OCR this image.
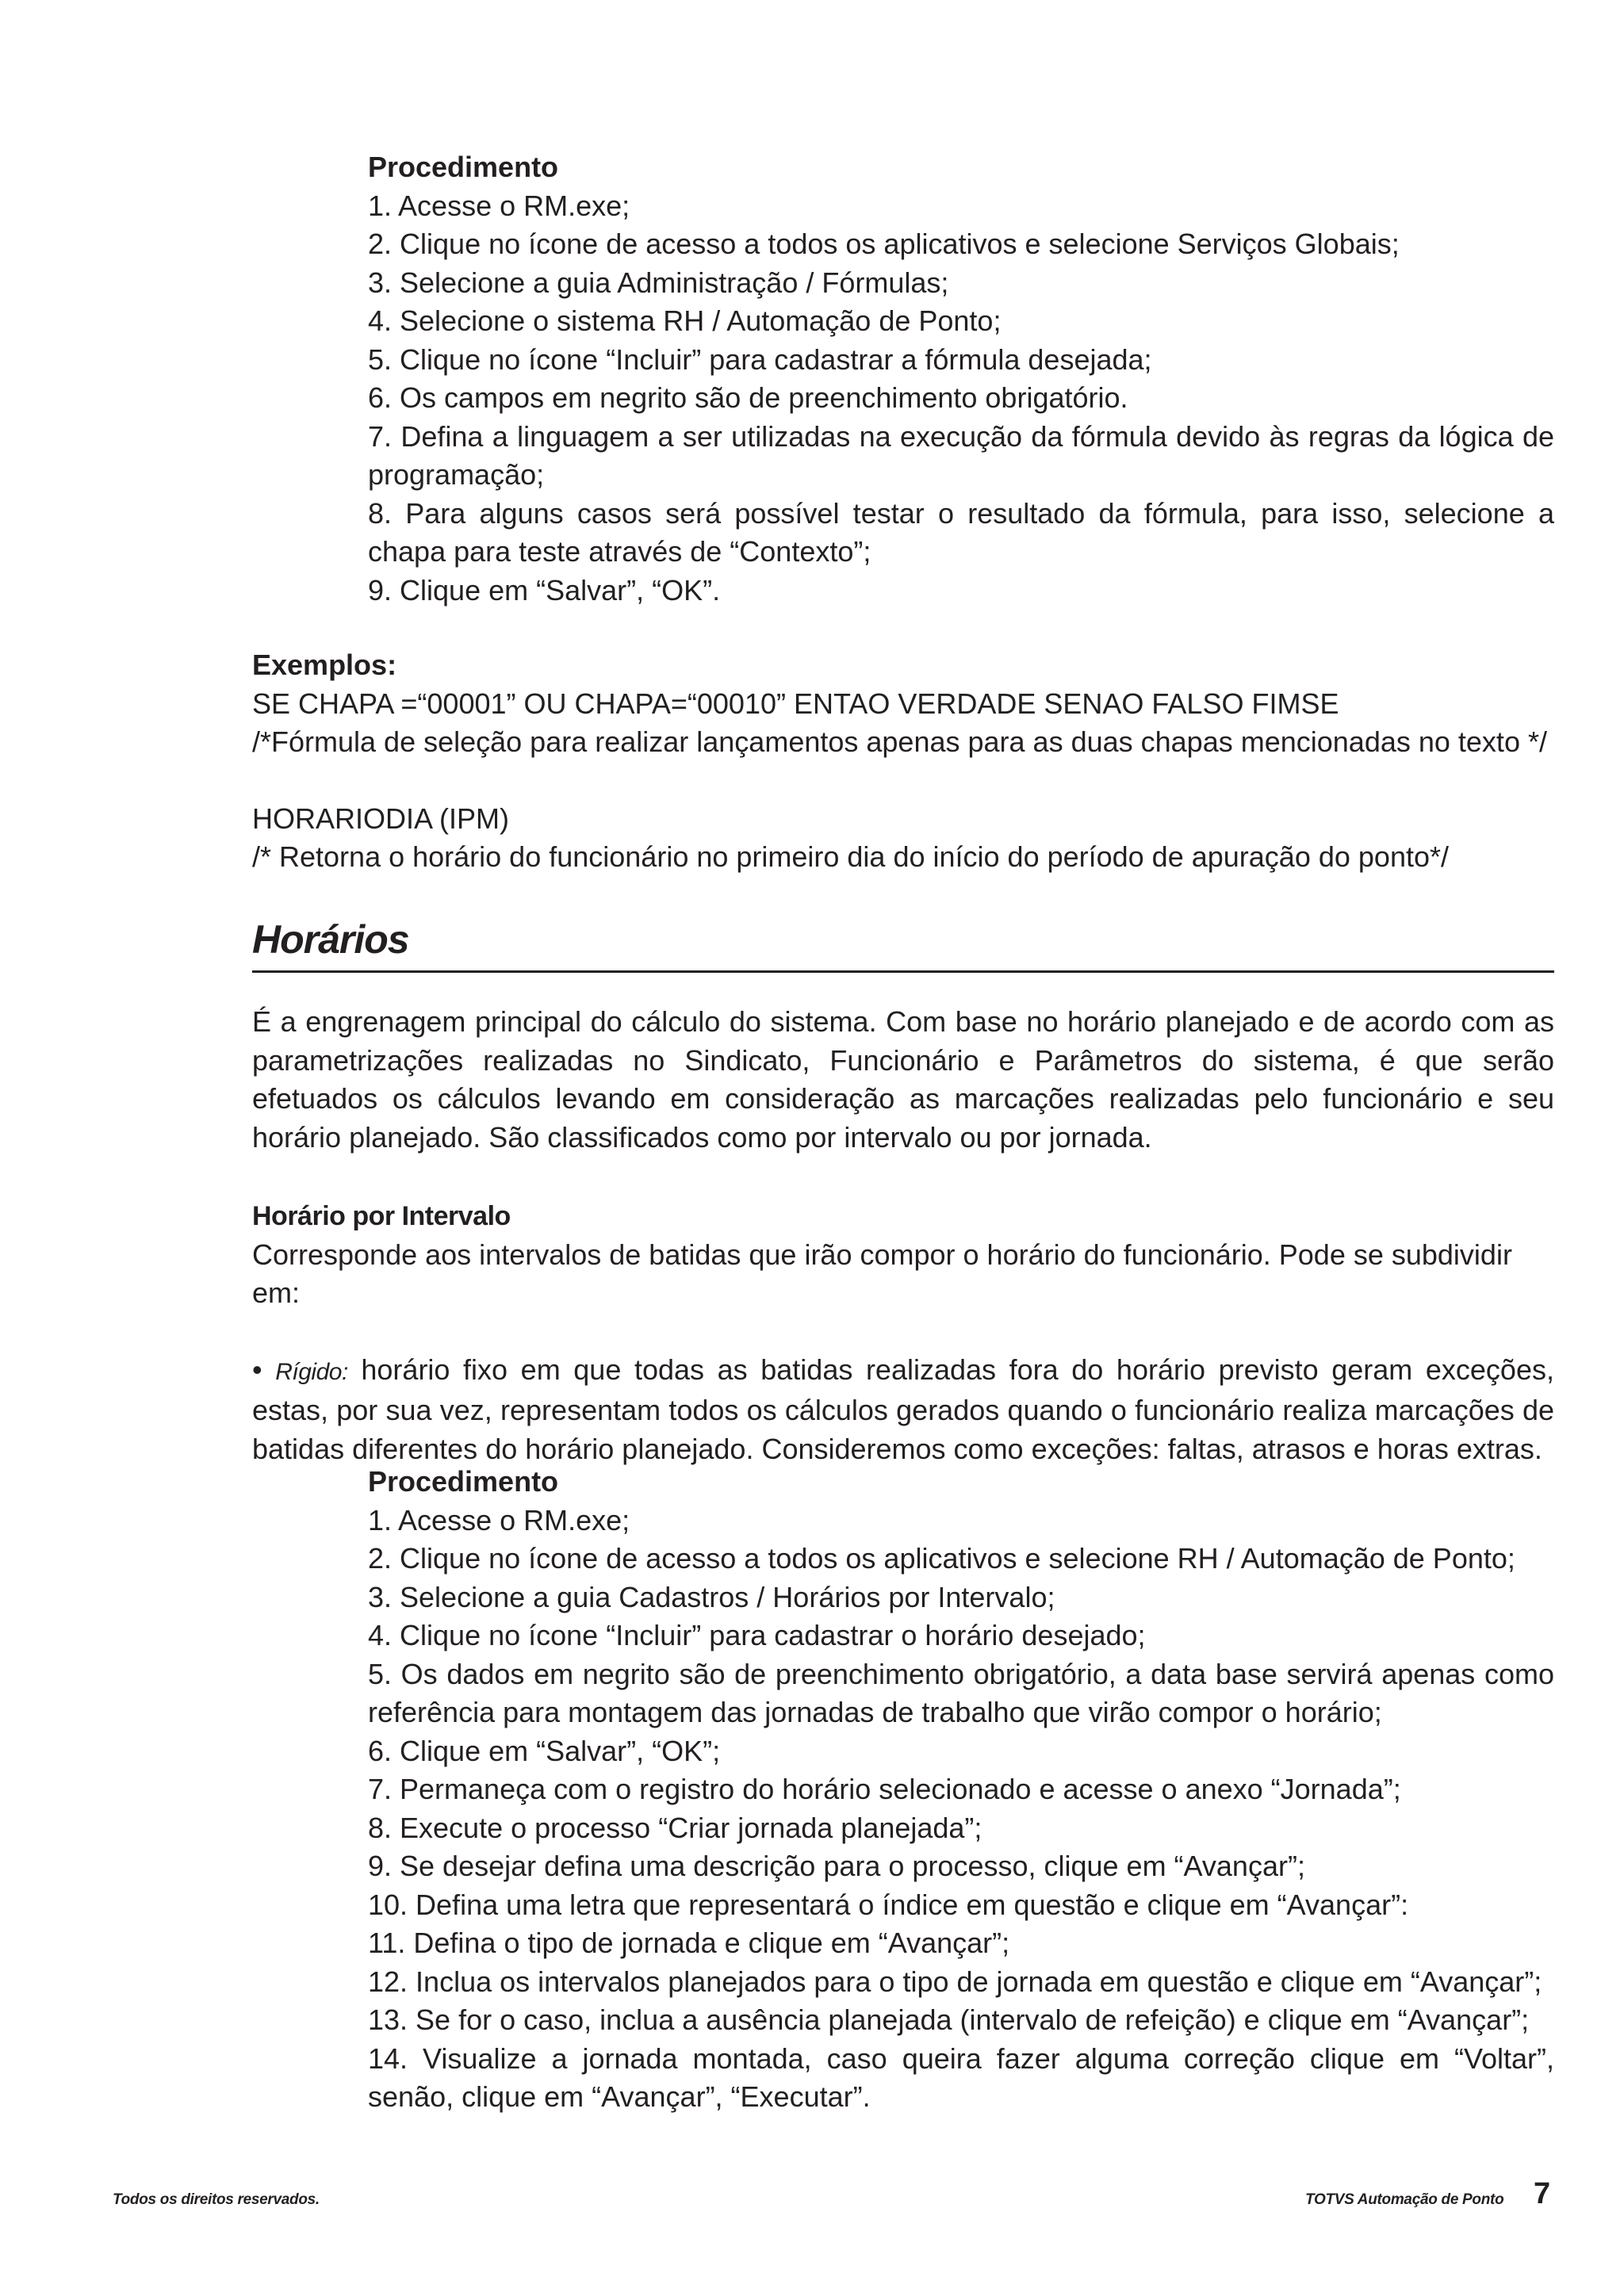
Procedimento
1. Acesse o RM.exe;
2. Clique no ícone de acesso a todos os aplicativos e selecione Serviços Globais;
3. Selecione a guia Administração / Fórmulas;
4. Selecione o sistema RH / Automação de Ponto;
5. Clique no ícone “Incluir” para cadastrar a fórmula desejada;
6. Os campos em negrito são de preenchimento obrigatório.
7. Defina a linguagem a ser utilizadas na execução da fórmula devido às regras da lógica de programação;
8. Para alguns casos será possível testar o resultado da fórmula, para isso, selecione a chapa para teste através de “Contexto”;
9. Clique em “Salvar”, “OK”.
Exemplos:
SE CHAPA =“00001” OU CHAPA=“00010” ENTAO VERDADE SENAO FALSO FIMSE
/*Fórmula de seleção para realizar lançamentos apenas para as duas chapas mencionadas no texto */
HORARIODIA (IPM)
/* Retorna o horário do funcionário no primeiro dia do início do período de apuração do ponto*/
Horários

É a engrenagem principal do cálculo do sistema. Com base no horário planejado e de acordo com as parametrizações realizadas no Sindicato, Funcionário e Parâmetros do sistema, é que serão efetuados os cálculos levando em consideração as marcações realizadas pelo funcionário e seu horário planejado. São classificados como por intervalo ou por jornada.

Horário por Intervalo
Corresponde aos intervalos de batidas que irão compor o horário do funcionário. Pode se subdividir em:

• Rígido: horário fixo em que todas as batidas realizadas fora do horário previsto geram exceções, estas, por sua vez, representam todos os cálculos gerados quando o funcionário realiza marcações de batidas diferentes do horário planejado. Consideremos como exceções: faltas, atrasos e horas extras.

Procedimento
1. Acesse o RM.exe;
2. Clique no ícone de acesso a todos os aplicativos e selecione RH / Automação de Ponto;
3. Selecione a guia Cadastros / Horários por Intervalo;
4. Clique no ícone “Incluir” para cadastrar o horário desejado;
5. Os dados em negrito são de preenchimento obrigatório, a data base servirá apenas como referência para montagem das jornadas de trabalho que virão compor o horário;
6. Clique em “Salvar”, “OK”;
7. Permaneça com o registro do horário selecionado e acesse o anexo “Jornada”;
8. Execute o processo “Criar jornada planejada”;
9. Se desejar defina uma descrição para o processo, clique em “Avançar”;
10. Defina uma letra que representará o índice em questão e clique em “Avançar”:
11. Defina o tipo de jornada e clique em “Avançar”;
12. Inclua os intervalos planejados para o tipo de jornada em questão e clique em “Avançar”;
13. Se for o caso, inclua a ausência planejada (intervalo de refeição) e clique em “Avançar”;
14. Visualize a jornada montada, caso queira fazer alguma correção clique em “Voltar”, senão, clique em “Avançar”, “Executar”.
Todos os direitos reservados.	TOTVS Automação de Ponto 7
